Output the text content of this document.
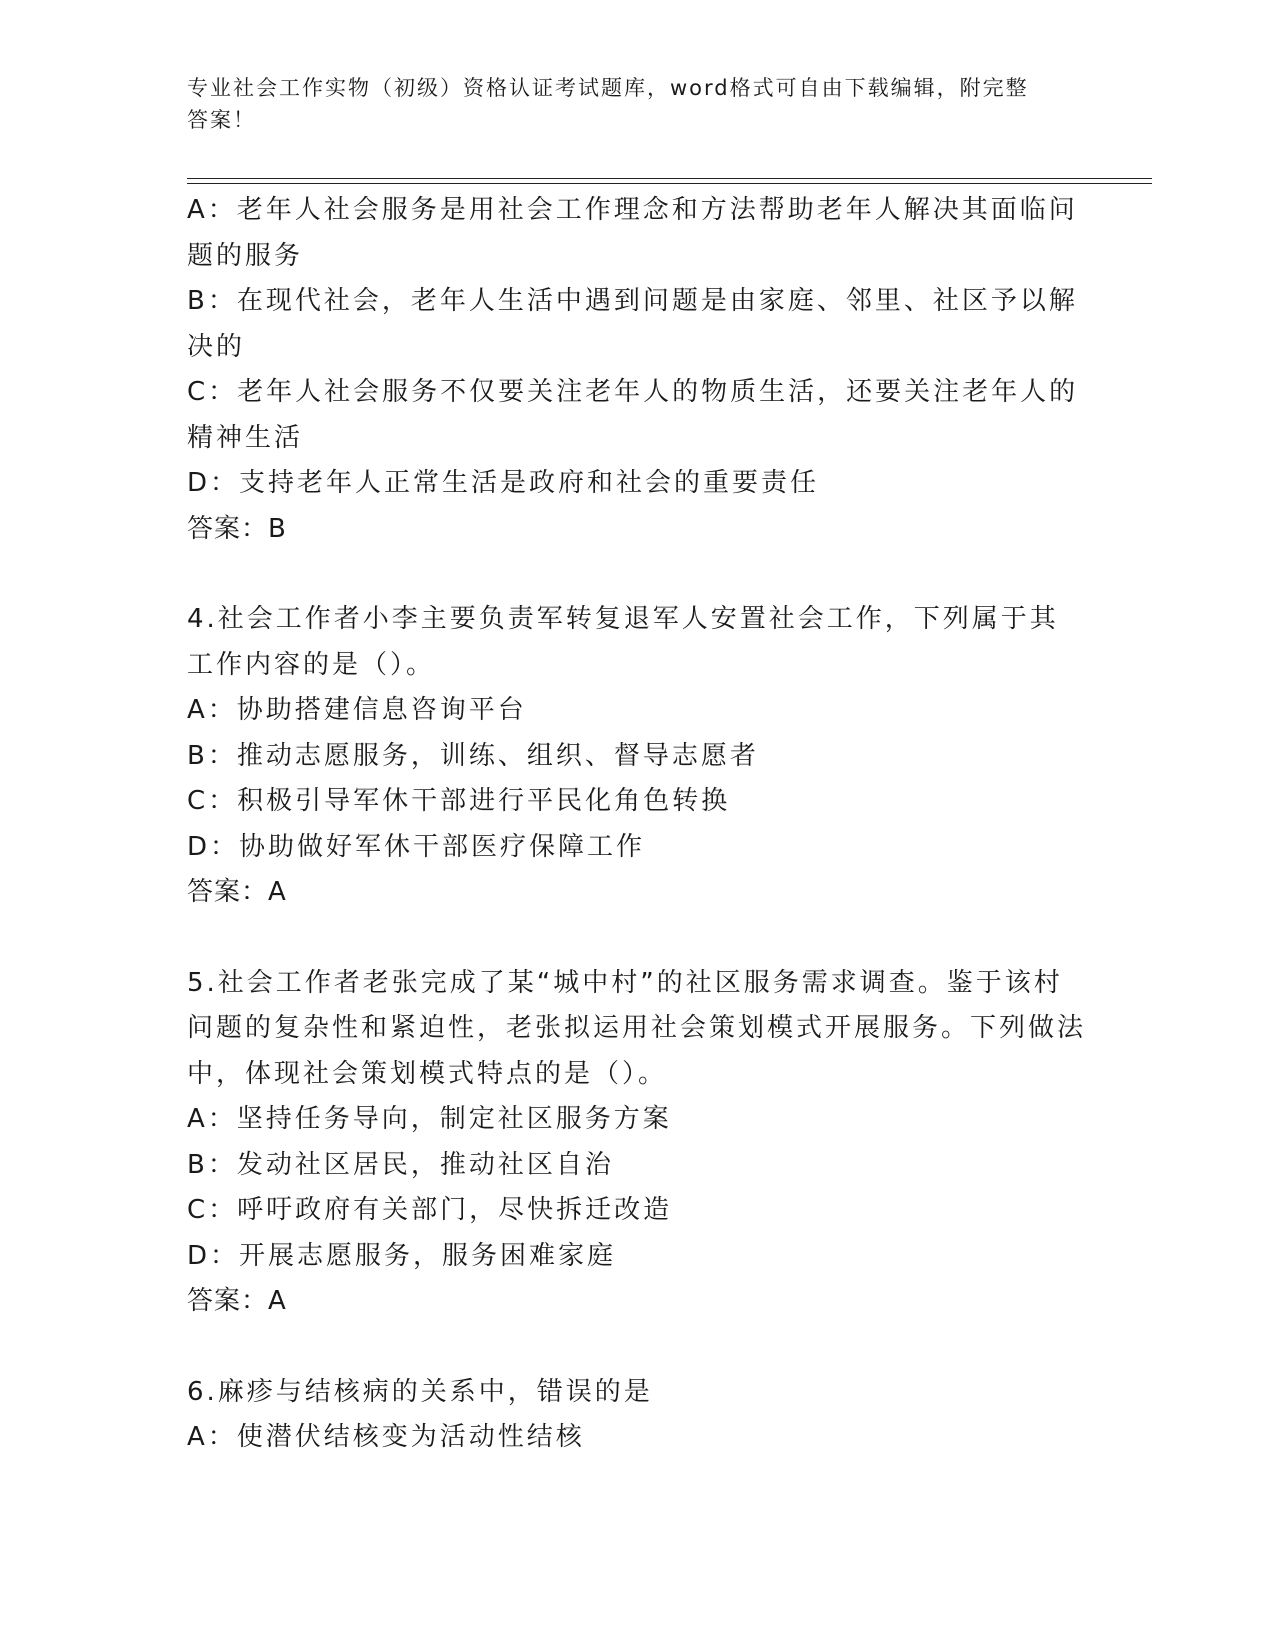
专业社会工作实物（初级）资格认证考试题库，word格式可自由下载编辑，附完整答案！

A：老年人社会服务是用社会工作理念和方法帮助老年人解决其面临问题的服务

B：在现代社会，老年人生活中遇到问题是由家庭、邻里、社区予以解决的

C：老年人社会服务不仅要关注老年人的物质生活，还要关注老年人的精神生活

D：支持老年人正常生活是政府和社会的重要责任

答案：B

4.社会工作者小李主要负责军转复退军人安置社会工作，下列属于其工作内容的是（）。

A：协助搭建信息咨询平台

B：推动志愿服务，训练、组织、督导志愿者

C：积极引导军休干部进行平民化角色转换

D：协助做好军休干部医疗保障工作

答案：A

5.社会工作者老张完成了某“城中村”的社区服务需求调查。鉴于该村问题的复杂性和紧迫性，老张拟运用社会策划模式开展服务。下列做法中，体现社会策划模式特点的是（）。

A：坚持任务导向，制定社区服务方案

B：发动社区居民，推动社区自治

C：呼吁政府有关部门，尽快拆迁改造

D：开展志愿服务，服务困难家庭

答案：A

6.麻疹与结核病的关系中，错误的是

A：使潜伏结核变为活动性结核
